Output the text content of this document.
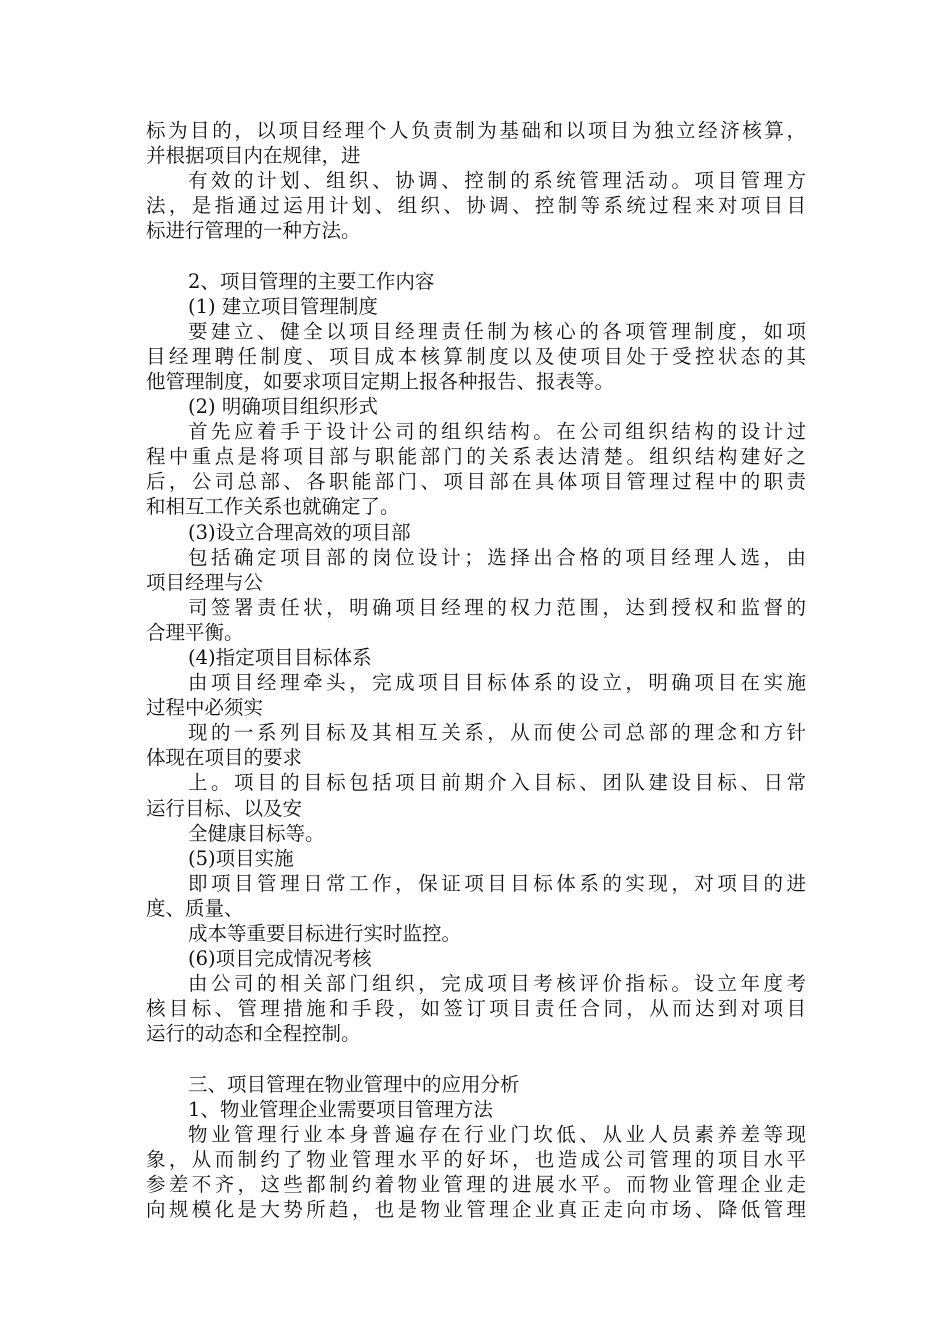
标为目的，以项目经理个人负责制为基础和以项目为独立经济核算，
并根据项目内在规律，进
有效的计划、组织、协调、控制的系统管理活动。项目管理方
法，是指通过运用计划、组织、协调、控制等系统过程来对项目目
标进行管理的一种方法。
2、项目管理的主要工作内容
(1) 建立项目管理制度
要建立、健全以项目经理责任制为核心的各项管理制度，如项
目经理聘任制度、项目成本核算制度以及使项目处于受控状态的其
他管理制度，如要求项目定期上报各种报告、报表等。
(2) 明确项目组织形式
首先应着手于设计公司的组织结构。在公司组织结构的设计过
程中重点是将项目部与职能部门的关系表达清楚。组织结构建好之
后，公司总部、各职能部门、项目部在具体项目管理过程中的职责
和相互工作关系也就确定了。
(3)设立合理高效的项目部
包括确定项目部的岗位设计；选择出合格的项目经理人选，由
项目经理与公
司签署责任状，明确项目经理的权力范围，达到授权和监督的
合理平衡。
(4)指定项目目标体系
由项目经理牵头，完成项目目标体系的设立，明确项目在实施
过程中必须实
现的一系列目标及其相互关系，从而使公司总部的理念和方针
体现在项目的要求
上。项目的目标包括项目前期介入目标、团队建设目标、日常
运行目标、以及安
全健康目标等。
(5)项目实施
即项目管理日常工作，保证项目目标体系的实现，对项目的进
度、质量、
成本等重要目标进行实时监控。
(6)项目完成情况考核
由公司的相关部门组织，完成项目考核评价指标。设立年度考
核目标、管理措施和手段，如签订项目责任合同，从而达到对项目
运行的动态和全程控制。
三、项目管理在物业管理中的应用分析
1、物业管理企业需要项目管理方法
物业管理行业本身普遍存在行业门坎低、从业人员素养差等现
象，从而制约了物业管理水平的好坏，也造成公司管理的项目水平
参差不齐，这些都制约着物业管理的进展水平。而物业管理企业走
向规模化是大势所趋，也是物业管理企业真正走向市场、降低管理
